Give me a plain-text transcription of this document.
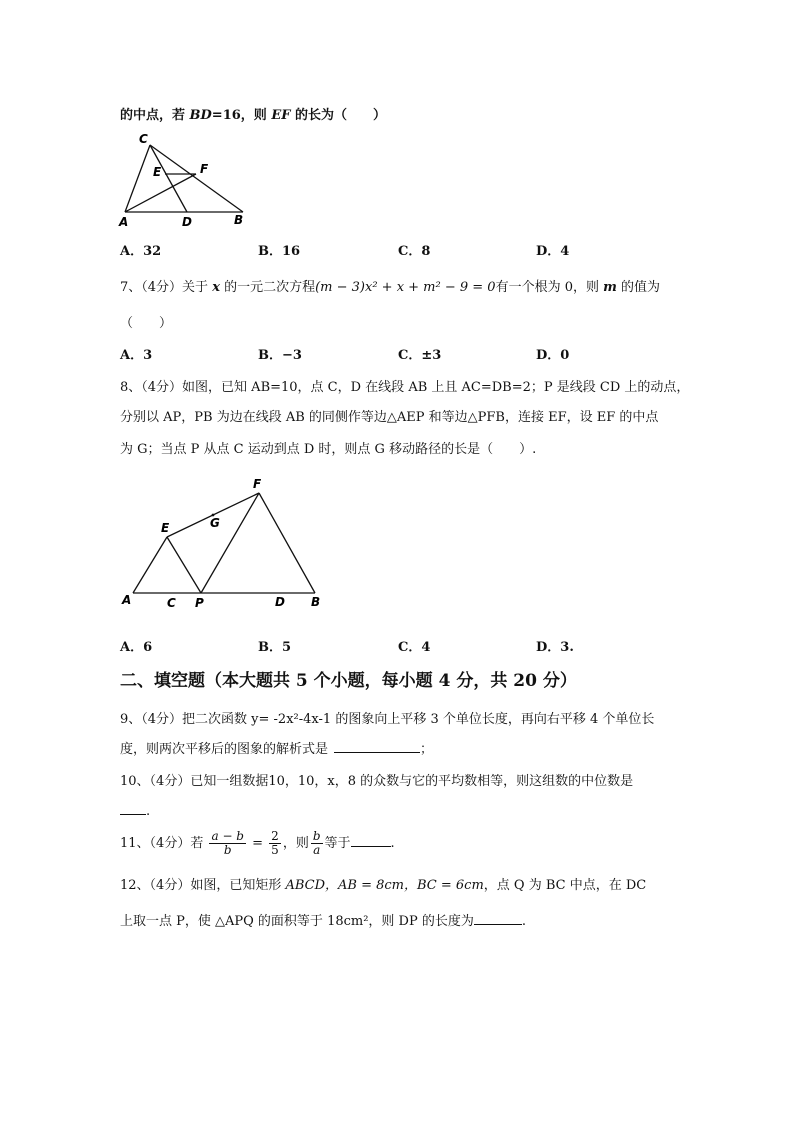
的中点，若 BD=16，则 EF 的长为（　　）
C
E	F
A	D	B
A．32	B．16	C．8	D．4
7、（4分）关于 x 的一元二次方程(m − 3)x² + x + m² − 9 = 0有一个根为 0，则 m 的值为
（　　）
A．3	B．−3	C．±3	D．0
8、（4分）如图，已知 AB=10，点 C，D 在线段 AB 上且 AC=DB=2；P 是线段 CD 上的动点，
分别以 AP，PB 为边在线段 AB 的同侧作等边△AEP 和等边△PFB，连接 EF，设 EF 的中点
为 G；当点 P 从点 C 运动到点 D 时，则点 G 移动路径的长是（　　）.
F
E	G
A	C P	D B
A．6	B．5	C．4	D．3.
二、填空题（本大题共 5 个小题，每小题 4 分，共 20 分）
9、（4分）把二次函数 y= -2x²-4x-1 的图象向上平移 3 个单位长度，再向右平移 4 个单位长
度，则两次平移后的图象的解析式是	；
10、（4分）已知一组数据10，10，x，8 的众数与它的平均数相等，则这组数的中位数是
.
11、（4分）若 $\frac{a - b}{b} = \frac{2}{5}$ ，则 $\frac{b}{a}$ 等于	.
12、（4分）如图，已知矩形 ABCD，AB = 8cm，BC = 6cm，点 Q 为 BC 中点，在 DC
上取一点 P，使 △APQ 的面积等于 18cm²，则 DP 的长度为	.
